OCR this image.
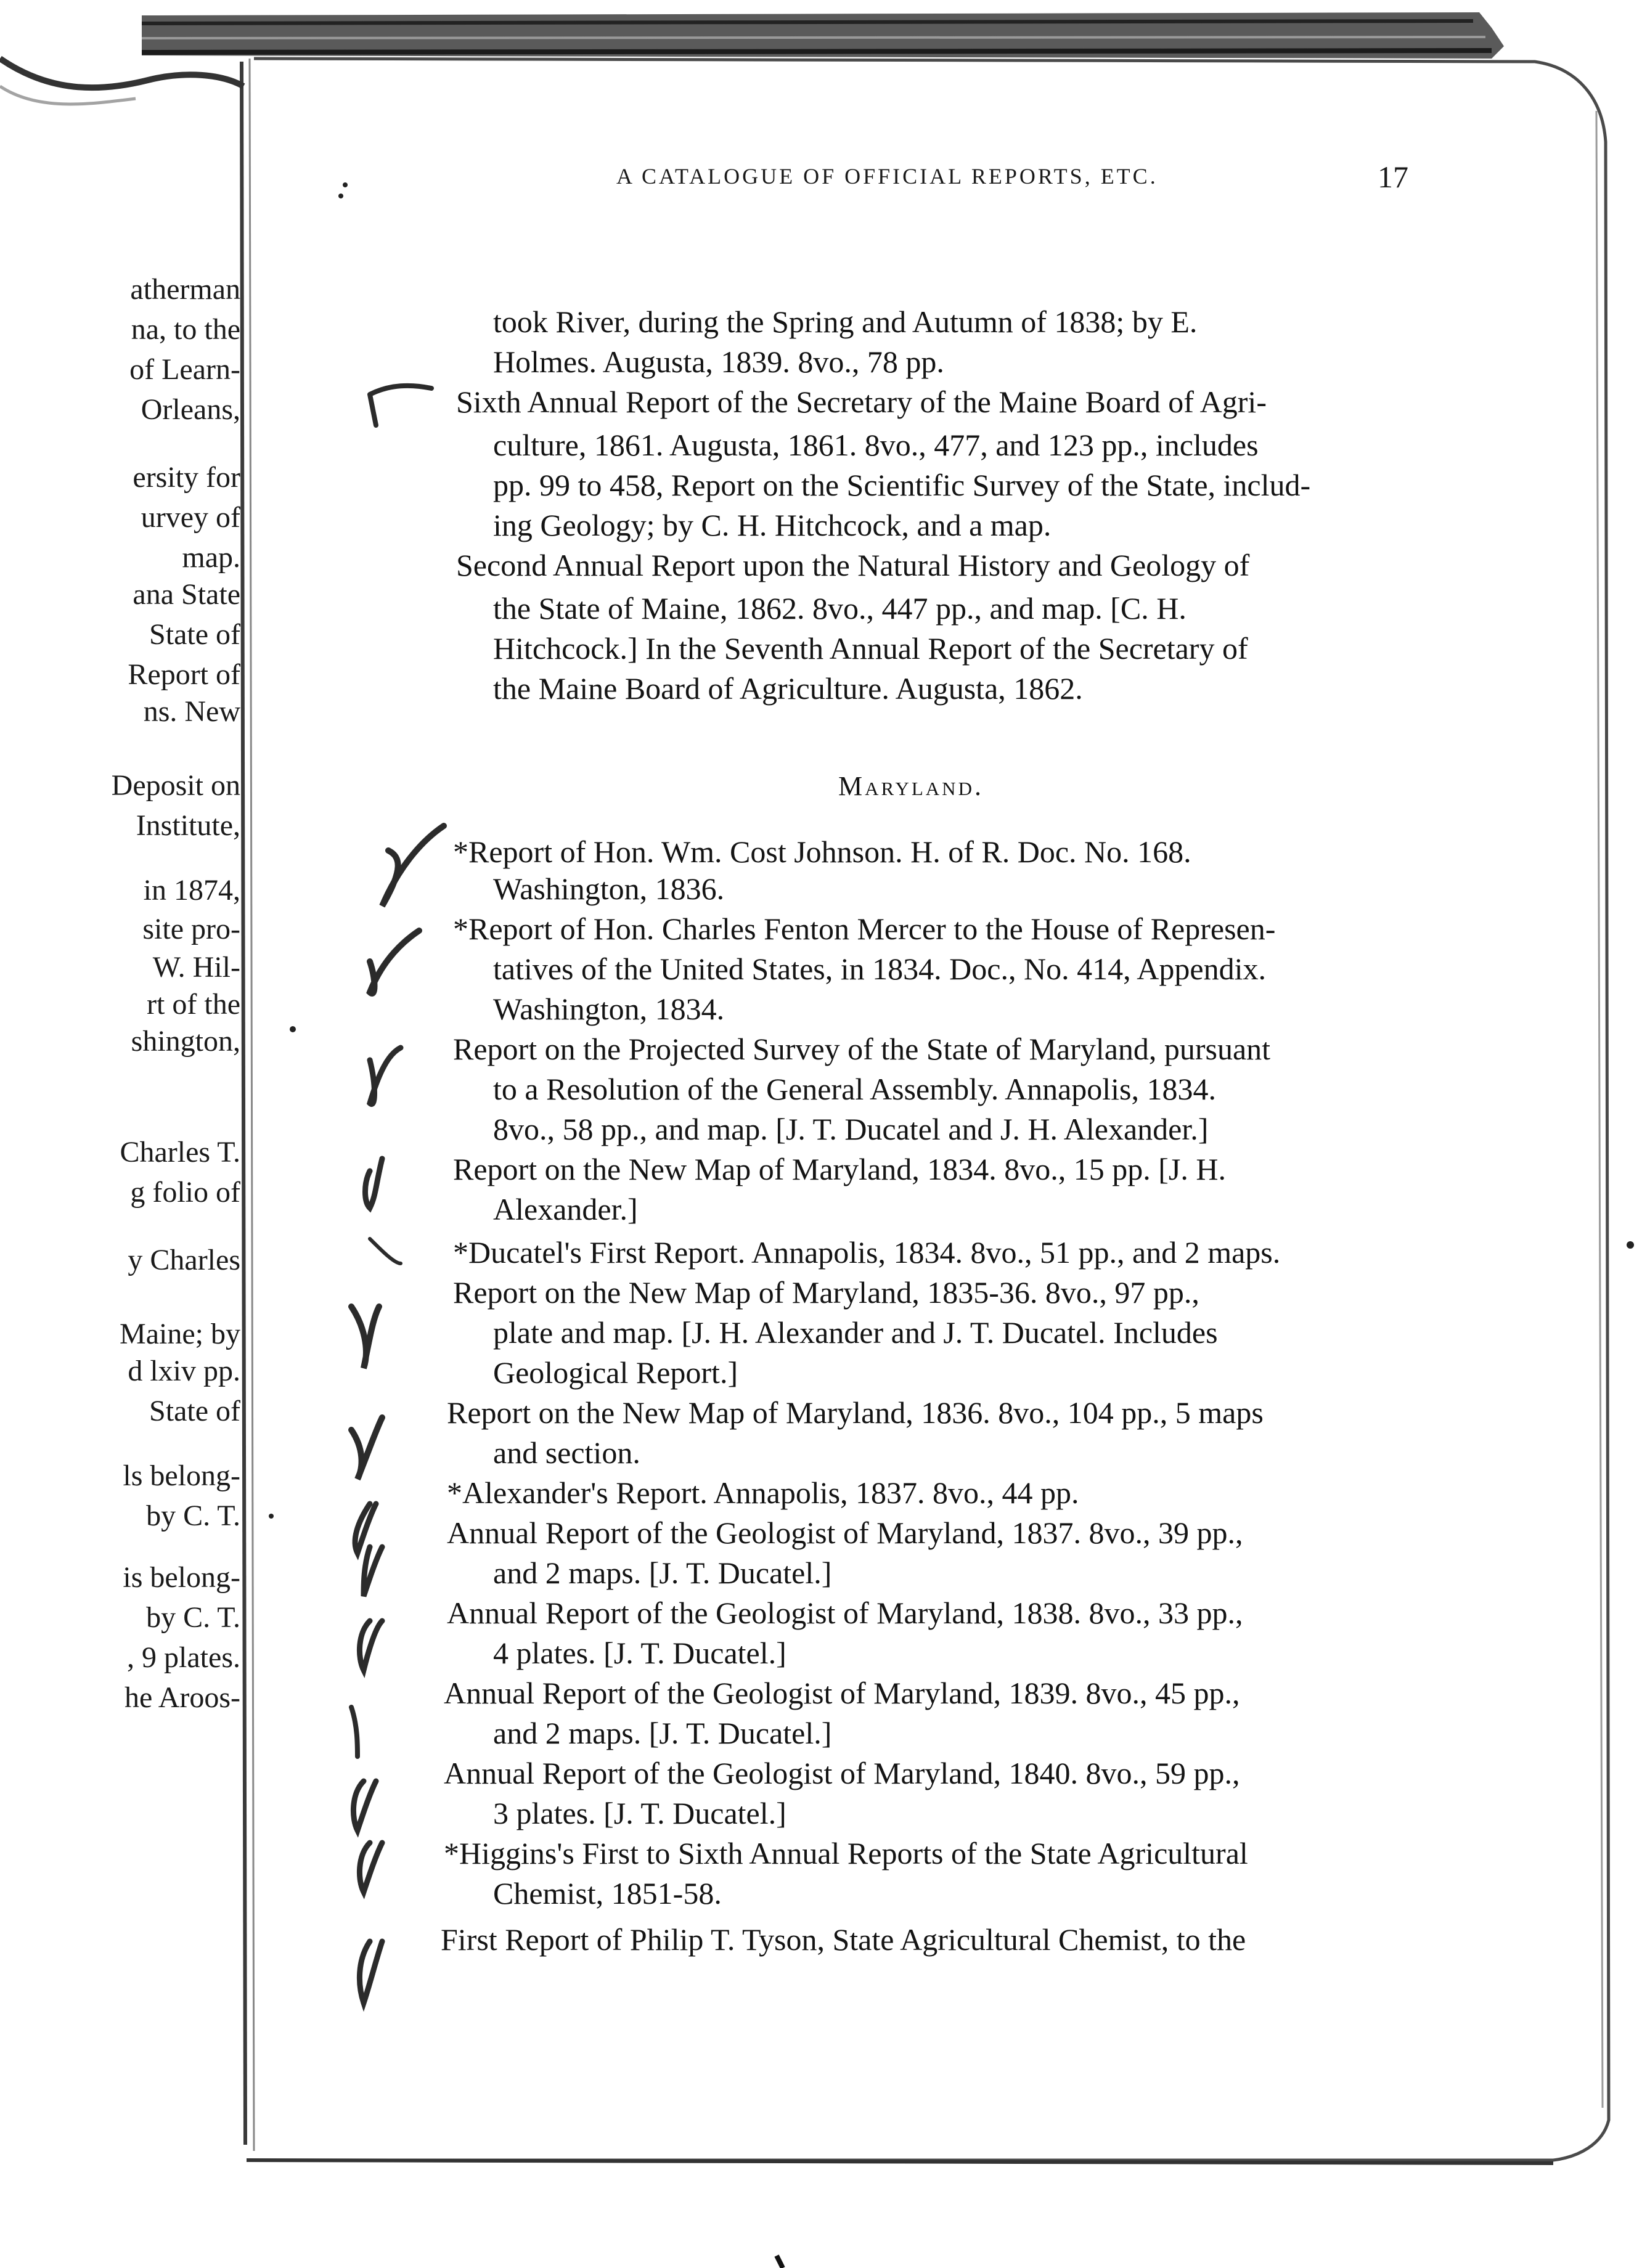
atherman
na, to the
of Learn-
Orleans,
ersity for
urvey of
map.
ana State
State of
Report of
ns. New
Deposit on
Institute,
in 1874,
site pro-
W. Hil-
rt of the
shington,
Charles T.
g folio of
y Charles
Maine; by
d lxiv pp.
State of
ls belong-
by C. T.
is belong-
by C. T.
, 9 plates.
he Aroos-
A CATALOGUE OF OFFICIAL REPORTS, ETC.	17
took River, during the Spring and Autumn of 1838; by E.
Holmes. Augusta, 1839. 8vo., 78 pp.
Sixth Annual Report of the Secretary of the Maine Board of Agri-
culture, 1861. Augusta, 1861. 8vo., 477, and 123 pp., includes
pp. 99 to 458, Report on the Scientific Survey of the State, includ-
ing Geology; by C. H. Hitchcock, and a map.
Second Annual Report upon the Natural History and Geology of
the State of Maine, 1862. 8vo., 447 pp., and map. [C. H.
Hitchcock.] In the Seventh Annual Report of the Secretary of
the Maine Board of Agriculture. Augusta, 1862.
*Report of Hon. Wm. Cost Johnson. H. of R. Doc. No. 168.
Washington, 1836.
*Report of Hon. Charles Fenton Mercer to the House of Represen-
tatives of the United States, in 1834. Doc., No. 414, Appendix.
Washington, 1834.
Report on the Projected Survey of the State of Maryland, pursuant
to a Resolution of the General Assembly. Annapolis, 1834.
8vo., 58 pp., and map. [J. T. Ducatel and J. H. Alexander.]
Report on the New Map of Maryland, 1834. 8vo., 15 pp. [J. H.
Alexander.]
*Ducatel's First Report. Annapolis, 1834. 8vo., 51 pp., and 2 maps.
Report on the New Map of Maryland, 1835-36. 8vo., 97 pp.,
plate and map. [J. H. Alexander and J. T. Ducatel. Includes
Geological Report.]
Report on the New Map of Maryland, 1836. 8vo., 104 pp., 5 maps
and section.
*Alexander's Report. Annapolis, 1837. 8vo., 44 pp.
Annual Report of the Geologist of Maryland, 1837. 8vo., 39 pp.,
and 2 maps. [J. T. Ducatel.]
Annual Report of the Geologist of Maryland, 1838. 8vo., 33 pp.,
4 plates. [J. T. Ducatel.]
Annual Report of the Geologist of Maryland, 1839. 8vo., 45 pp.,
and 2 maps. [J. T. Ducatel.]
Annual Report of the Geologist of Maryland, 1840. 8vo., 59 pp.,
3 plates. [J. T. Ducatel.]
*Higgins's First to Sixth Annual Reports of the State Agricultural
Chemist, 1851-58.
First Report of Philip T. Tyson, State Agricultural Chemist, to the
Maryland.
